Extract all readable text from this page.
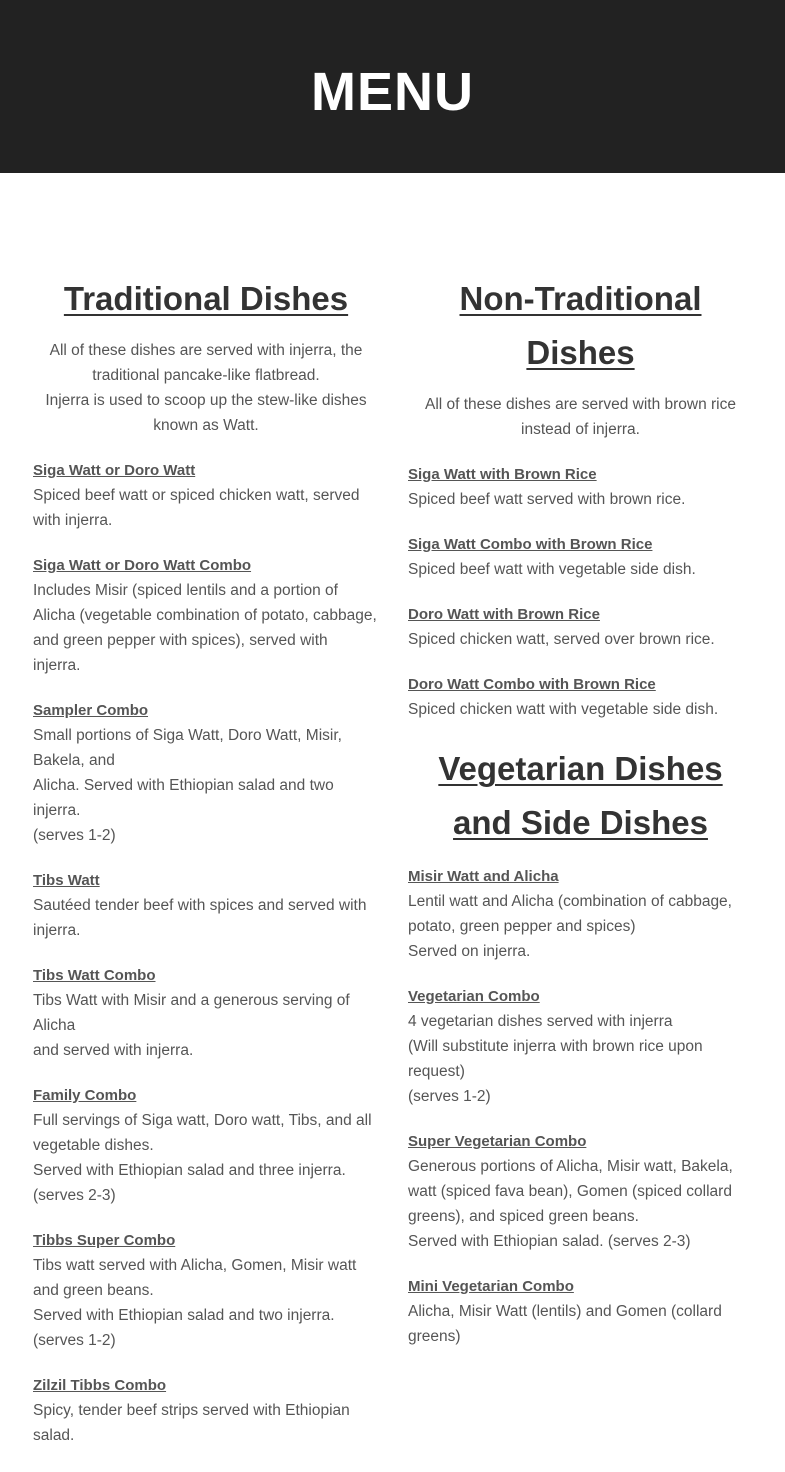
MENU
Traditional Dishes

All of these dishes are served with injerra, the traditional pancake-like flatbread.

Injerra is used to scoop up the stew-like dishes known as Watt.

Siga Watt or Doro Watt
Spiced beef watt or spiced chicken watt, served with injerra.
Siga Watt or Doro Watt Combo
Includes Misir (spiced lentils and a portion of Alicha (vegetable combination of potato, cabbage,
and green pepper with spices), served with injerra.
Sampler Combo
Small portions of Siga Watt, Doro Watt, Misir, Bakela, and
Alicha. Served with Ethiopian salad and two injerra.
(serves 1-2)
Tibs Watt
Sautéed tender beef with spices and served with injerra.
Tibs Watt Combo
Tibs Watt with Misir and a generous serving of Alicha
and served with injerra.
Family Combo
Full servings of Siga watt, Doro watt, Tibs, and all vegetable dishes.
Served with Ethiopian salad and three injerra.
(serves 2-3)
Tibbs Super Combo
Tibs watt served with Alicha, Gomen, Misir watt and green beans.
Served with Ethiopian salad and two injerra.
(serves 1-2)
Zilzil Tibbs Combo
Spicy, tender beef strips served with Ethiopian salad.
Non-Traditional Dishes

All of these dishes are served with brown rice instead of injerra.

Siga Watt with Brown Rice
Spiced beef watt served with brown rice.
Siga Watt Combo with Brown Rice
Spiced beef watt with vegetable side dish.
Doro Watt with Brown Rice
Spiced chicken watt, served over brown rice.
Doro Watt Combo with Brown Rice
Spiced chicken watt with vegetable side dish.
Vegetarian Dishes and Side Dishes
Misir Watt and Alicha
Lentil watt and Alicha (combination of cabbage, potato, green pepper and spices)
Served on injerra.
Vegetarian Combo
4 vegetarian dishes served with injerra
(Will substitute injerra with brown rice upon request)
(serves 1-2)
Super Vegetarian Combo
Generous portions of Alicha, Misir watt, Bakela, watt (spiced fava bean), Gomen (spiced collard greens), and spiced green beans.
Served with Ethiopian salad. (serves 2-3)
Mini Vegetarian Combo
Alicha, Misir Watt (lentils) and Gomen (collard greens)
